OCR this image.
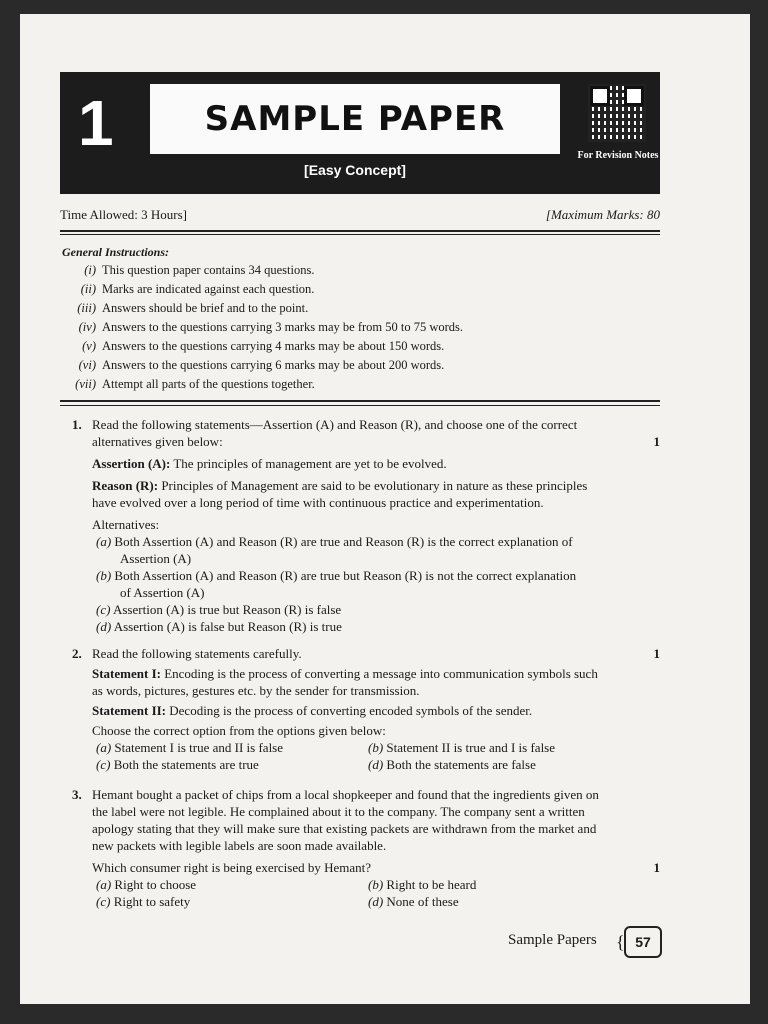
1	SAMPLE PAPER
[Easy Concept]
For Revision Notes
Time Allowed: 3 Hours]	[Maximum Marks: 80
General Instructions:
(i) This question paper contains 34 questions.
(ii) Marks are indicated against each question.
(iii) Answers should be brief and to the point.
(iv) Answers to the questions carrying 3 marks may be from 50 to 75 words.
(v) Answers to the questions carrying 4 marks may be about 150 words.
(vi) Answers to the questions carrying 6 marks may be about 200 words.
(vii) Attempt all parts of the questions together.
1. Read the following statements—Assertion (A) and Reason (R), and choose one of the correct
alternatives given below:	1
Assertion (A): The principles of management are yet to be evolved.
Reason (R): Principles of Management are said to be evolutionary in nature as these principles
have evolved over a long period of time with continuous practice and experimentation.
Alternatives:
(a) Both Assertion (A) and Reason (R) are true and Reason (R) is the correct explanation of
Assertion (A)
(b) Both Assertion (A) and Reason (R) are true but Reason (R) is not the correct explanation
of Assertion (A)
(c) Assertion (A) is true but Reason (R) is false
(d) Assertion (A) is false but Reason (R) is true
2. Read the following statements carefully.	1
Statement I: Encoding is the process of converting a message into communication symbols such
as words, pictures, gestures etc. by the sender for transmission.
Statement II: Decoding is the process of converting encoded symbols of the sender.
Choose the correct option from the options given below:
(a) Statement I is true and II is false	(b) Statement II is true and I is false
(c) Both the statements are true	(d) Both the statements are false
3. Hemant bought a packet of chips from a local shopkeeper and found that the ingredients given on
the label were not legible. He complained about it to the company. The company sent a written
apology stating that they will make sure that existing packets are withdrawn from the market and
new packets with legible labels are soon made available.
Which consumer right is being exercised by Hemant?	1
(a) Right to choose	(b) Right to be heard
(c) Right to safety	(d) None of these
Sample Papers { 57
